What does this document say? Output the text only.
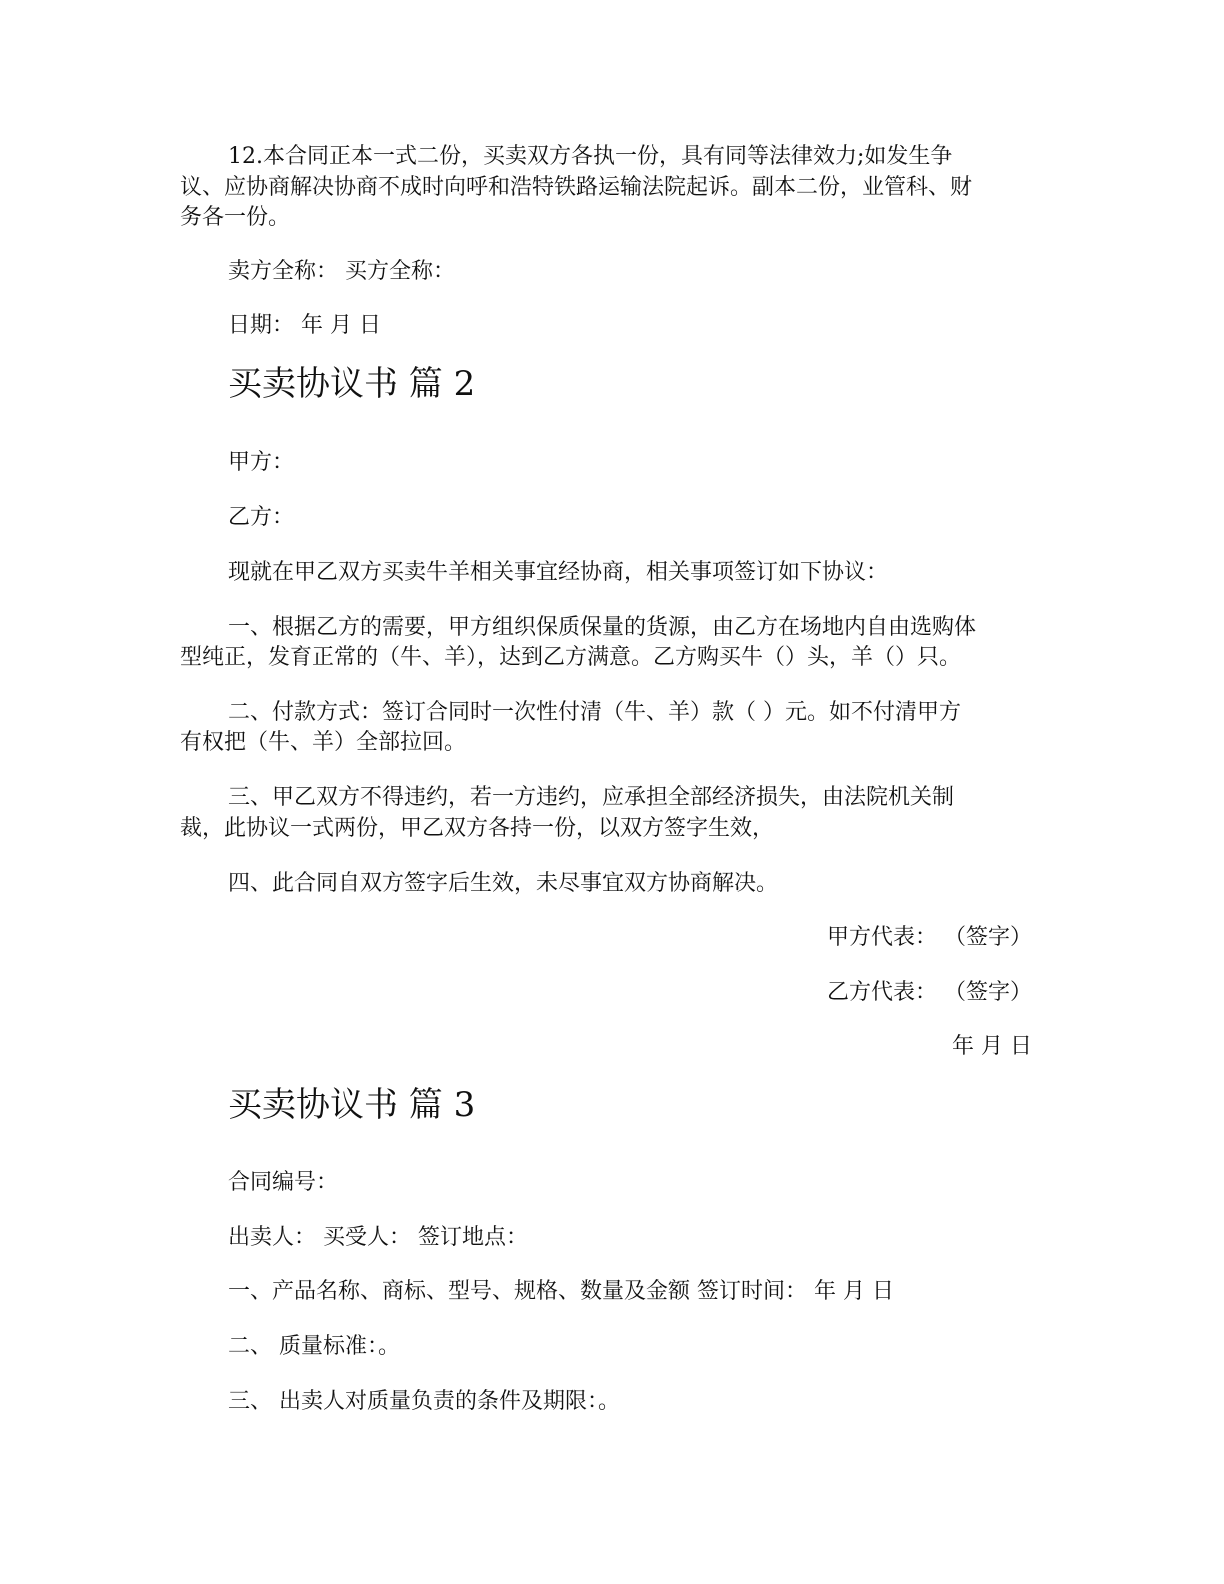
12.本合同正本一式二份，买卖双方各执一份，具有同等法律效力;如发生争
议、应协商解决协商不成时向呼和浩特铁路运输法院起诉。副本二份，业管科、财
务各一份。
卖方全称： 买方全称：
日期： 年 月 日
买卖协议书 篇 2
甲方：
乙方：
现就在甲乙双方买卖牛羊相关事宜经协商，相关事项签订如下协议：
一、根据乙方的需要，甲方组织保质保量的货源，由乙方在场地内自由选购体
型纯正，发育正常的（牛、羊），达到乙方满意。乙方购买牛（）头，羊（）只。
二、付款方式：签订合同时一次性付清（牛、羊）款（ ）元。如不付清甲方
有权把（牛、羊）全部拉回。
三、甲乙双方不得违约，若一方违约，应承担全部经济损失，由法院机关制
裁，此协议一式两份，甲乙双方各持一份，以双方签字生效，
四、此合同自双方签字后生效，未尽事宜双方协商解决。
甲方代表： （签字）
乙方代表： （签字）
年 月 日
买卖协议书 篇 3
合同编号：
出卖人： 买受人： 签订地点：
一、产品名称、商标、型号、规格、数量及金额 签订时间： 年 月 日
二、 质量标准：。
三、 出卖人对质量负责的条件及期限：。
